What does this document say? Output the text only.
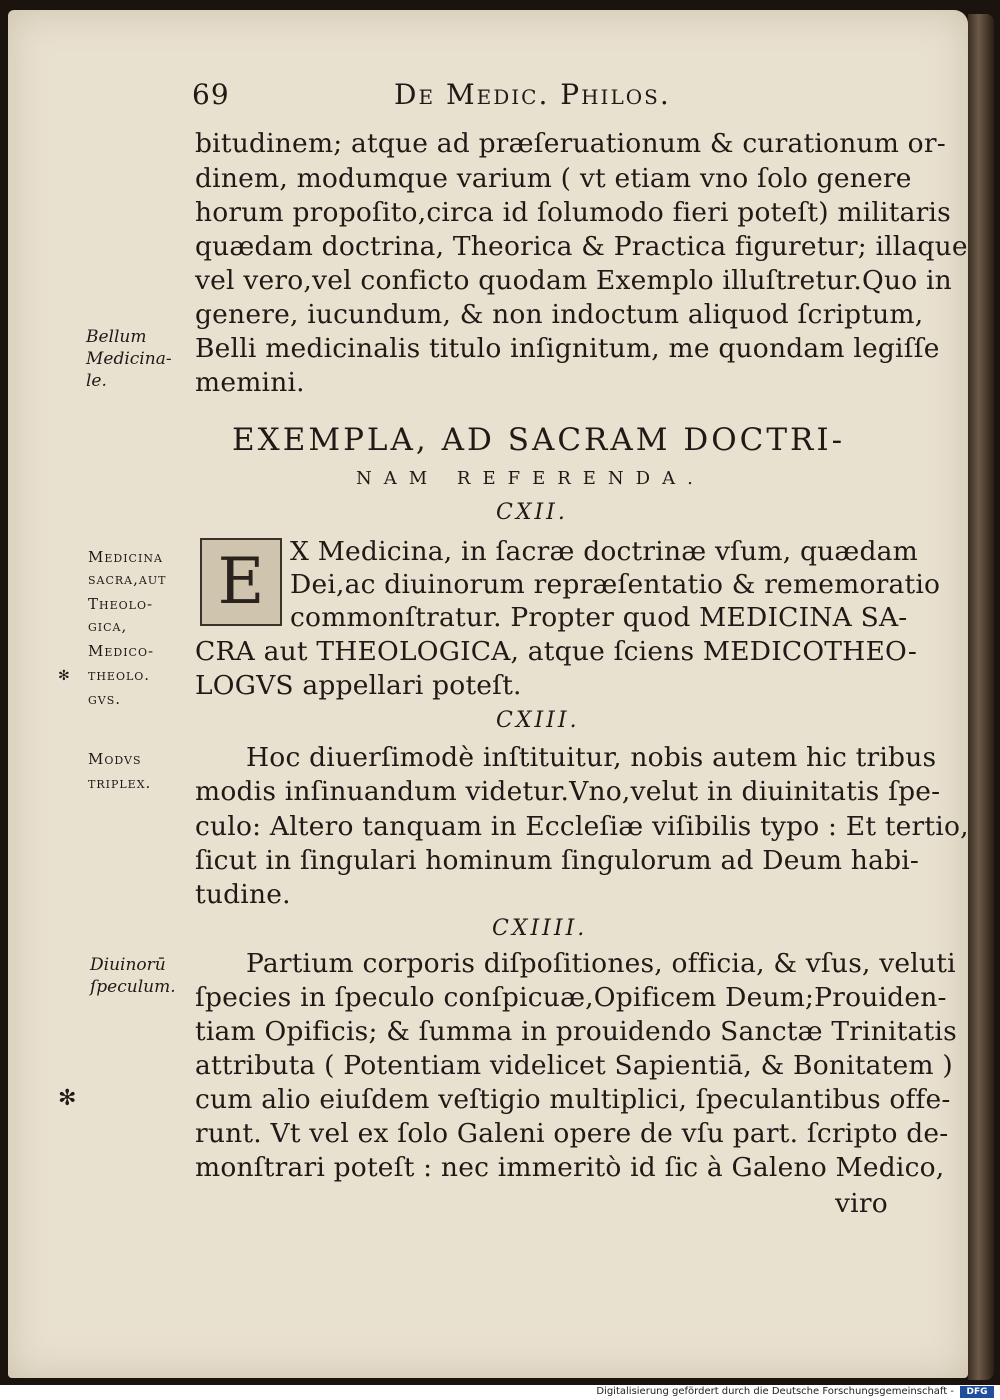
69	De Medic. Philos.
bitudinem; atque ad præſeruationum & curationum or-
dinem, modumque varium ( vt etiam vno ſolo genere
horum propoſito,circa id ſolumodo fieri poteſt) militaris
quædam doctrina, Theorica & Practica figuretur; illaque
vel vero,vel confiсto quodam Exemplo illuſtretur.Quo in
genere, iucundum, & non indoctum aliquod ſcriptum,
Belli medicinalis titulo inſignitum, me quondam legiſſe
memini.
Bellum
Medicina-
le.
EXEMPLA, AD SACRAM DOCTRI-
NAM REFERENDA.
CXII.
E X Medicina, in ſacræ doctrinæ vſum, quædam
Dei,ac diuinorum repræſentatio & rememoratio
commonſtratur. Propter quod MEDICINA SA-
CRA aut THEOLOGICA, atque ſciens MEDICOTHEO-
LOGVS appellari poteſt.
Medicina
sacra,aut
Theolo-
gica,
Medico-
theolo.
gvs.
✻
CXIII.
Hoc diuerſimodè inſtituitur, nobis autem hic tribus
modis inſinuandum videtur.Vno,velut in diuinitatis ſpe-
culo: Altero tanquam in Eccleſiæ viſibilis typo : Et tertio,
ſicut in ſingulari hominum ſingulorum ad Deum habi-
tudine.
Modvs
triplex.
CXIIII.
Partium corporis diſpoſitiones, officia, & vſus, veluti
ſpecies in ſpeculo conſpicuæ,Opificem Deum;Prouiden-
tiam Opificis; & ſumma in prouidendo Sanctæ Trinitatis
attributa ( Potentiam videlicet Sapientiā, & Bonitatem )
cum alio eiuſdem veſtigio multiplici, ſpeculantibus offe-
runt. Vt vel ex ſolo Galeni opere de vſu part. ſcripto de-
monſtrari poteſt : nec immeritò id ſic à Galeno Medico,
Diuinorū
ſpeculum.
✻
viro
Digitalisierung gefördert durch die Deutsche Forschungsgemeinschaft -	DFG
